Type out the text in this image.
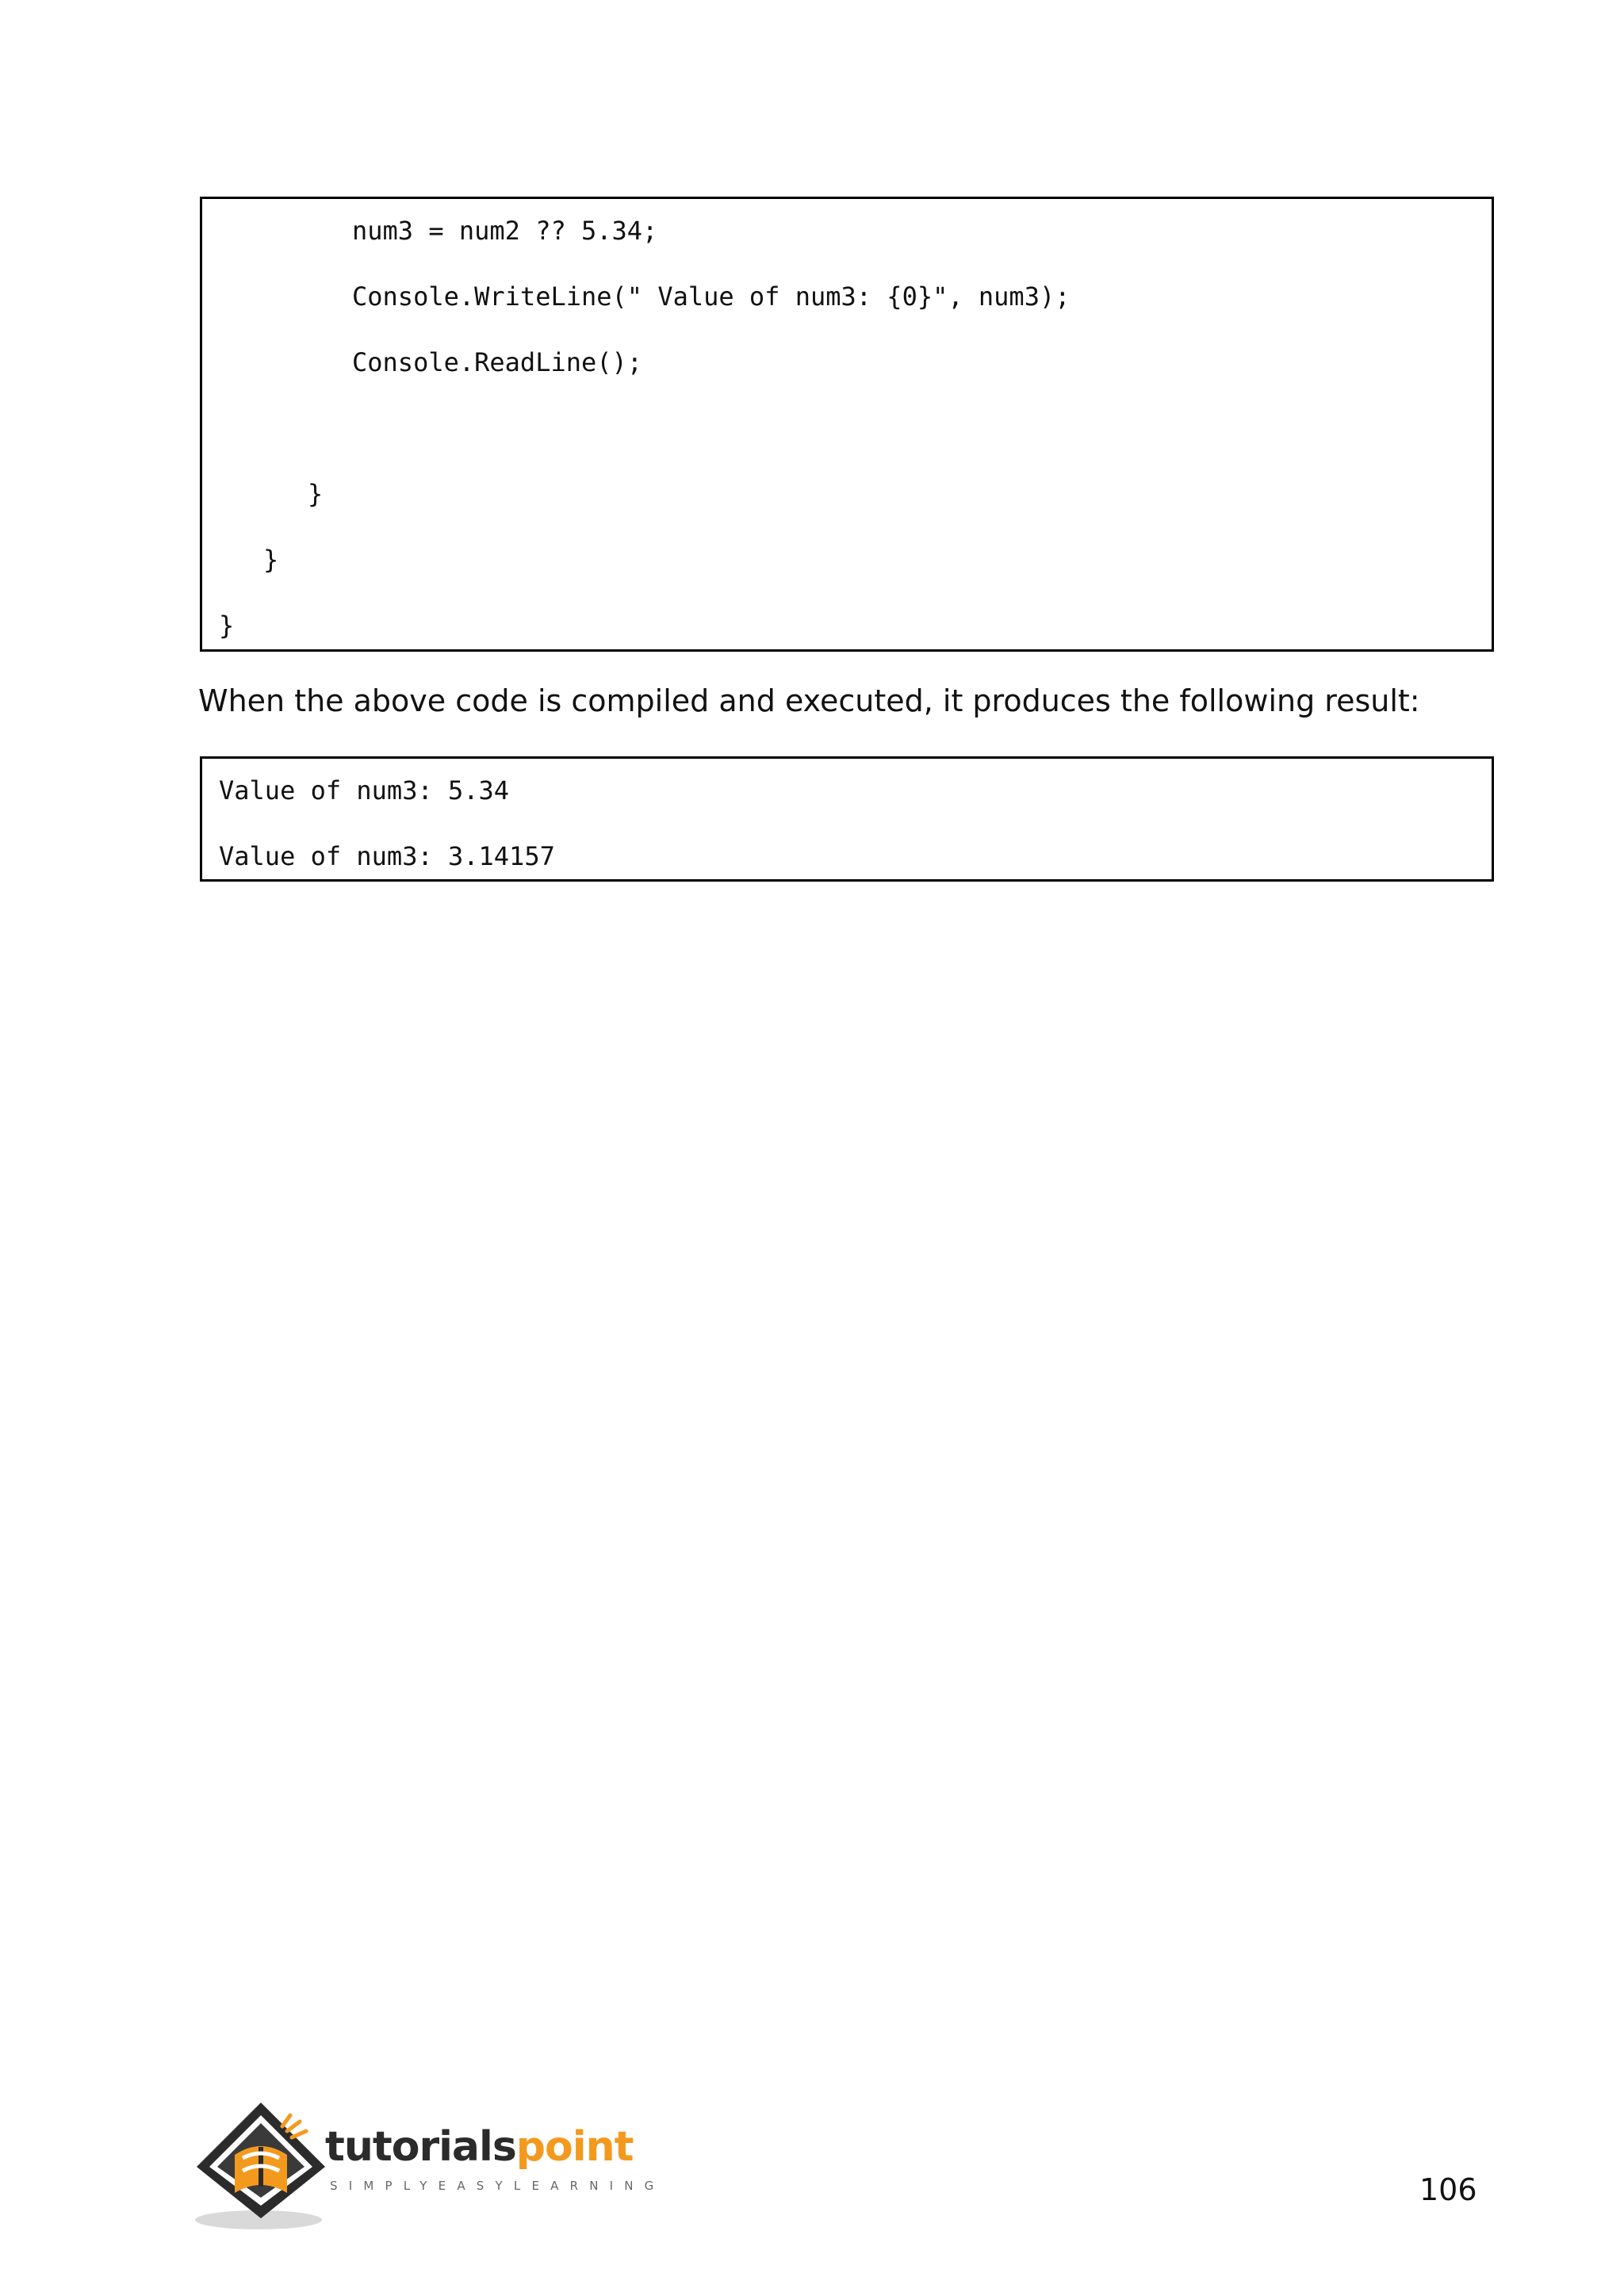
num3 = num2 ?? 5.34;
Console.WriteLine(" Value of num3: {0}", num3);
Console.ReadLine();
}
}
}
When the above code is compiled and executed, it produces the following result:
Value of num3: 5.34
Value of num3: 3.14157
tutorialspoint
SIMPLYEASYLEARNING	106
